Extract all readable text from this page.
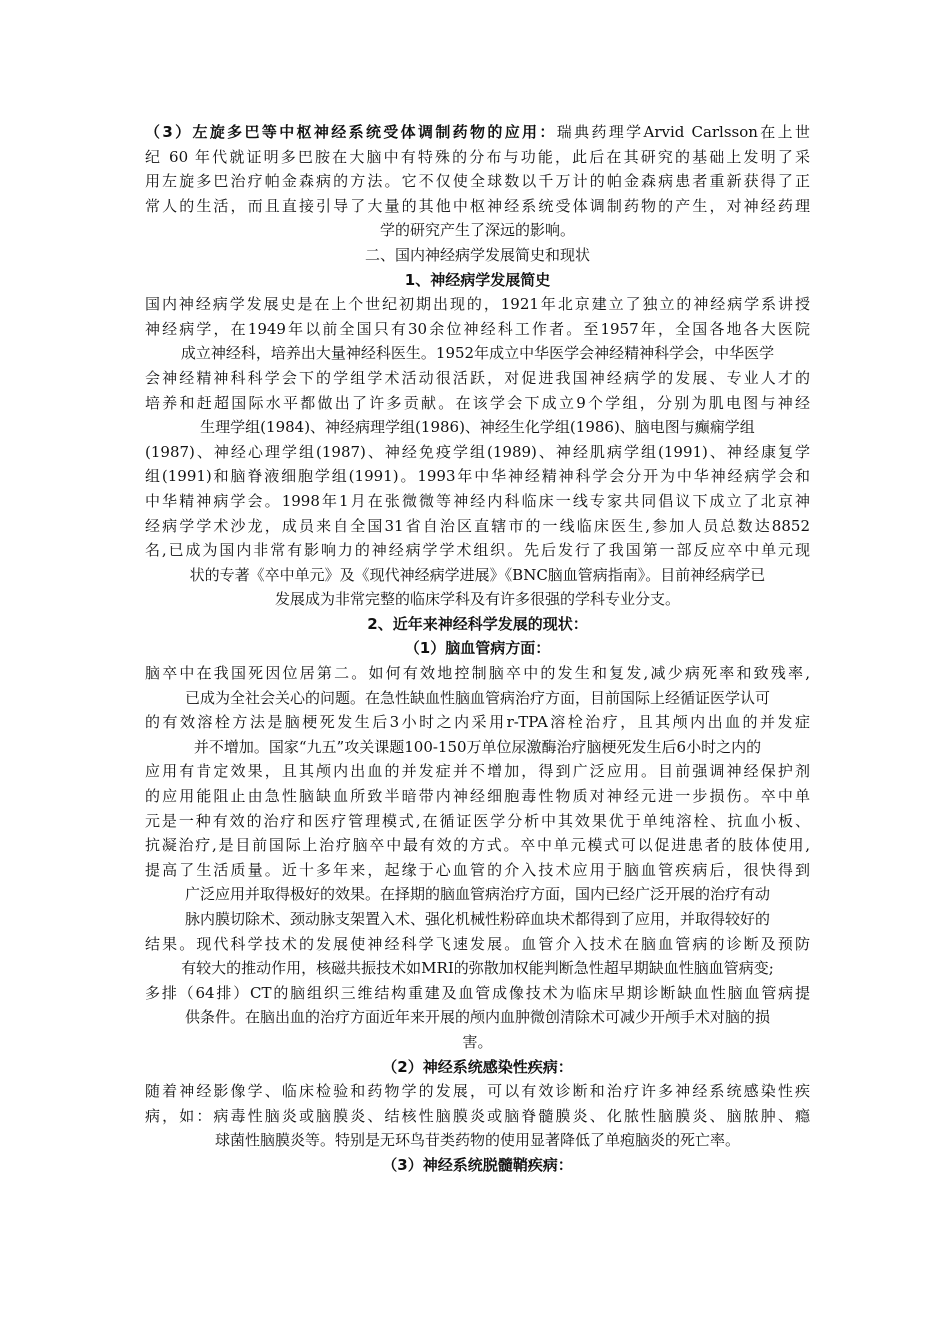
（3）左旋多巴等中枢神经系统受体调制药物的应用：瑞典药理学Arvid Carlsson在上世
纪 60 年代就证明多巴胺在大脑中有特殊的分布与功能，此后在其研究的基础上发明了采
用左旋多巴治疗帕金森病的方法。它不仅使全球数以千万计的帕金森病患者重新获得了正
常人的生活，而且直接引导了大量的其他中枢神经系统受体调制药物的产生，对神经药理
学的研究产生了深远的影响。
二、国内神经病学发展简史和现状
1、神经病学发展简史
国内神经病学发展史是在上个世纪初期出现的，1921年北京建立了独立的神经病学系讲授
神经病学，在1949年以前全国只有30余位神经科工作者。至1957年，全国各地各大医院
成立神经科，培养出大量神经科医生。1952年成立中华医学会神经精神科学会，中华医学
会神经精神科科学会下的学组学术活动很活跃，对促进我国神经病学的发展、专业人才的
培养和赶超国际水平都做出了许多贡献。在该学会下成立9个学组，分别为肌电图与神经
生理学组(1984)、神经病理学组(1986)、神经生化学组(1986)、脑电图与癫痫学组
(1987)、神经心理学组(1987)、神经免疫学组(1989)、神经肌病学组(1991)、神经康复学
组(1991)和脑脊液细胞学组(1991)。1993年中华神经精神科学会分开为中华神经病学会和
中华精神病学会。1998年1月在张微微等神经内科临床一线专家共同倡议下成立了北京神
经病学学术沙龙，成员来自全国31省自治区直辖市的一线临床医生,参加人员总数达8852
名,已成为国内非常有影响力的神经病学学术组织。先后发行了我国第一部反应卒中单元现
状的专著《卒中单元》及《现代神经病学进展》《BNC脑血管病指南》。目前神经病学已
发展成为非常完整的临床学科及有许多很强的学科专业分支。
2、近年来神经科学发展的现状：
（1）脑血管病方面：
脑卒中在我国死因位居第二。如何有效地控制脑卒中的发生和复发,减少病死率和致残率,
已成为全社会关心的问题。在急性缺血性脑血管病治疗方面，目前国际上经循证医学认可
的有效溶栓方法是脑梗死发生后3小时之内采用r-TPA溶栓治疗，且其颅内出血的并发症
并不增加。国家“九五”攻关课题100-150万单位尿激酶治疗脑梗死发生后6小时之内的
应用有肯定效果，且其颅内出血的并发症并不增加，得到广泛应用。目前强调神经保护剂
的应用能阻止由急性脑缺血所致半暗带内神经细胞毒性物质对神经元进一步损伤。卒中单
元是一种有效的治疗和医疗管理模式,在循证医学分析中其效果优于单纯溶栓、抗血小板、
抗凝治疗,是目前国际上治疗脑卒中最有效的方式。卒中单元模式可以促进患者的肢体使用,
提高了生活质量。近十多年来，起缘于心血管的介入技术应用于脑血管疾病后，很快得到
广泛应用并取得极好的效果。在择期的脑血管病治疗方面，国内已经广泛开展的治疗有动
脉内膜切除术、颈动脉支架置入术、强化机械性粉碎血块术都得到了应用，并取得较好的
结果。现代科学技术的发展使神经科学飞速发展。血管介入技术在脑血管病的诊断及预防
有较大的推动作用，核磁共振技术如MRI的弥散加权能判断急性超早期缺血性脑血管病变;
多排（64排）CT的脑组织三维结构重建及血管成像技术为临床早期诊断缺血性脑血管病提
供条件。在脑出血的治疗方面近年来开展的颅内血肿微创清除术可减少开颅手术对脑的损
害。
（2）神经系统感染性疾病：
随着神经影像学、临床检验和药物学的发展，可以有效诊断和治疗许多神经系统感染性疾
病，如：病毒性脑炎或脑膜炎、结核性脑膜炎或脑脊髓膜炎、化脓性脑膜炎、脑脓肿、瘾
球菌性脑膜炎等。特别是无环鸟苷类药物的使用显著降低了单疱脑炎的死亡率。
（3）神经系统脱髓鞘疾病：
